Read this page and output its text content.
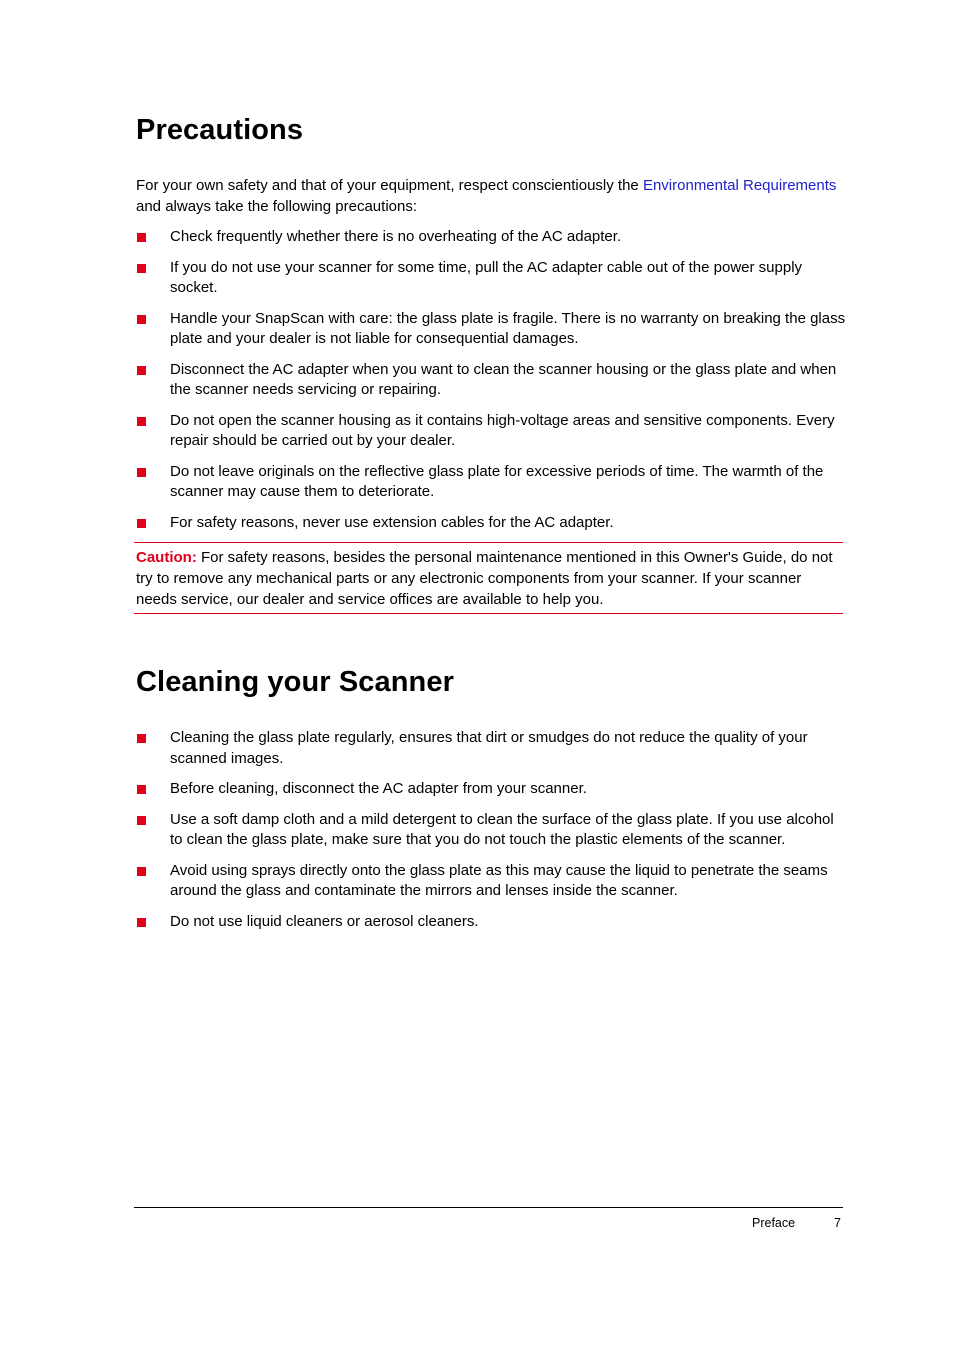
Precautions

For your own safety and that of your equipment, respect conscientiously the Environmental Requirements and always take the following precautions:

Check frequently whether there is no overheating of the AC adapter.
If you do not use your scanner for some time, pull the AC adapter cable out of the power supply socket.
Handle your SnapScan with care: the glass plate is fragile. There is no warranty on breaking the glass plate and your dealer is not liable for consequential damages.
Disconnect the AC adapter when you want to clean the scanner housing or the glass plate and when the scanner needs servicing or repairing.
Do not open the scanner housing as it contains high-voltage areas and sensitive components. Every repair should be carried out by your dealer.
Do not leave originals on the reflective glass plate for excessive periods of time. The warmth of the scanner may cause them to deteriorate.
For safety reasons, never use extension cables for the AC adapter.
Caution: For safety reasons, besides the personal maintenance mentioned in this Owner's Guide, do not try to remove any mechanical parts or any electronic components from your scanner. If your scanner needs service, our dealer and service offices are available to help you.
Cleaning your Scanner
Cleaning the glass plate regularly, ensures that dirt or smudges do not reduce the quality of your scanned images.
Before cleaning, disconnect the AC adapter from your scanner.
Use a soft damp cloth and a mild detergent to clean the surface of the glass plate. If you use alcohol to clean the glass plate, make sure that you do not touch the plastic elements of the scanner.
Avoid using sprays directly onto the glass plate as this may cause the liquid to penetrate the seams around the glass and contaminate the mirrors and lenses inside the scanner.
Do not use liquid cleaners or aerosol cleaners.
Preface	7
